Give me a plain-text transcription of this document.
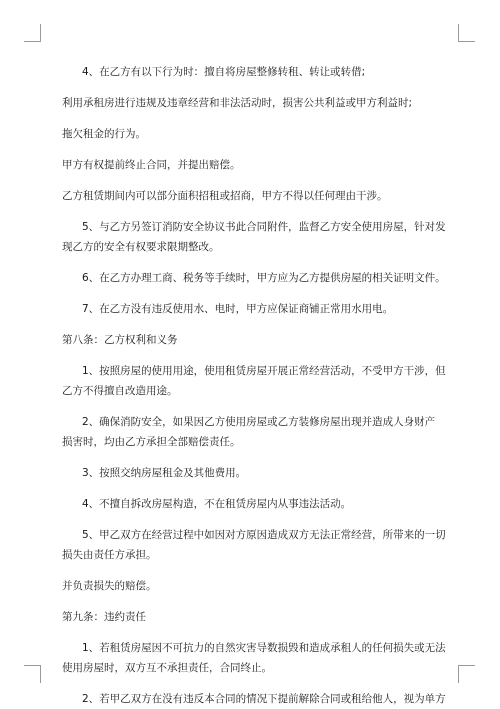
4、在乙方有以下行为时：擅自将房屋整修转租、转让或转借;
利用承租房进行违规及违章经营和非法活动时，损害公共利益或甲方利益时;
拖欠租金的行为。
甲方有权提前终止合同，并提出赔偿。
乙方租赁期间内可以部分面积招租或招商，甲方不得以任何理由干涉。
5、与乙方另签订消防安全协议书此合同附件，监督乙方安全使用房屋，针对发
现乙方的安全有权要求限期整改。
6、在乙方办理工商、税务等手续时，甲方应为乙方提供房屋的相关证明文件。
7、在乙方没有违反使用水、电时，甲方应保证商铺正常用水用电。
第八条：乙方权利和义务
1、按照房屋的使用用途，使用租赁房屋开展正常经营活动，不受甲方干涉，但
乙方不得擅自改造用途。
2、确保消防安全，如果因乙方使用房屋或乙方装修房屋出现并造成人身财产
损害时，均由乙方承担全部赔偿责任。
3、按照交纳房屋租金及其他费用。
4、不擅自拆改房屋构造，不在租赁房屋内从事违法活动。
5、甲乙双方在经营过程中如因对方原因造成双方无法正常经营，所带来的一切
损失由责任方承担。
并负责损失的赔偿。
第九条：违约责任
1、若租赁房屋因不可抗力的自然灾害导数损毁和造成承租人的任何损失或无法
使用房屋时，双方互不承担责任，合同终止。
2、若甲乙双方在没有违反本合同的情况下提前解除合同或租给他人，视为单方
